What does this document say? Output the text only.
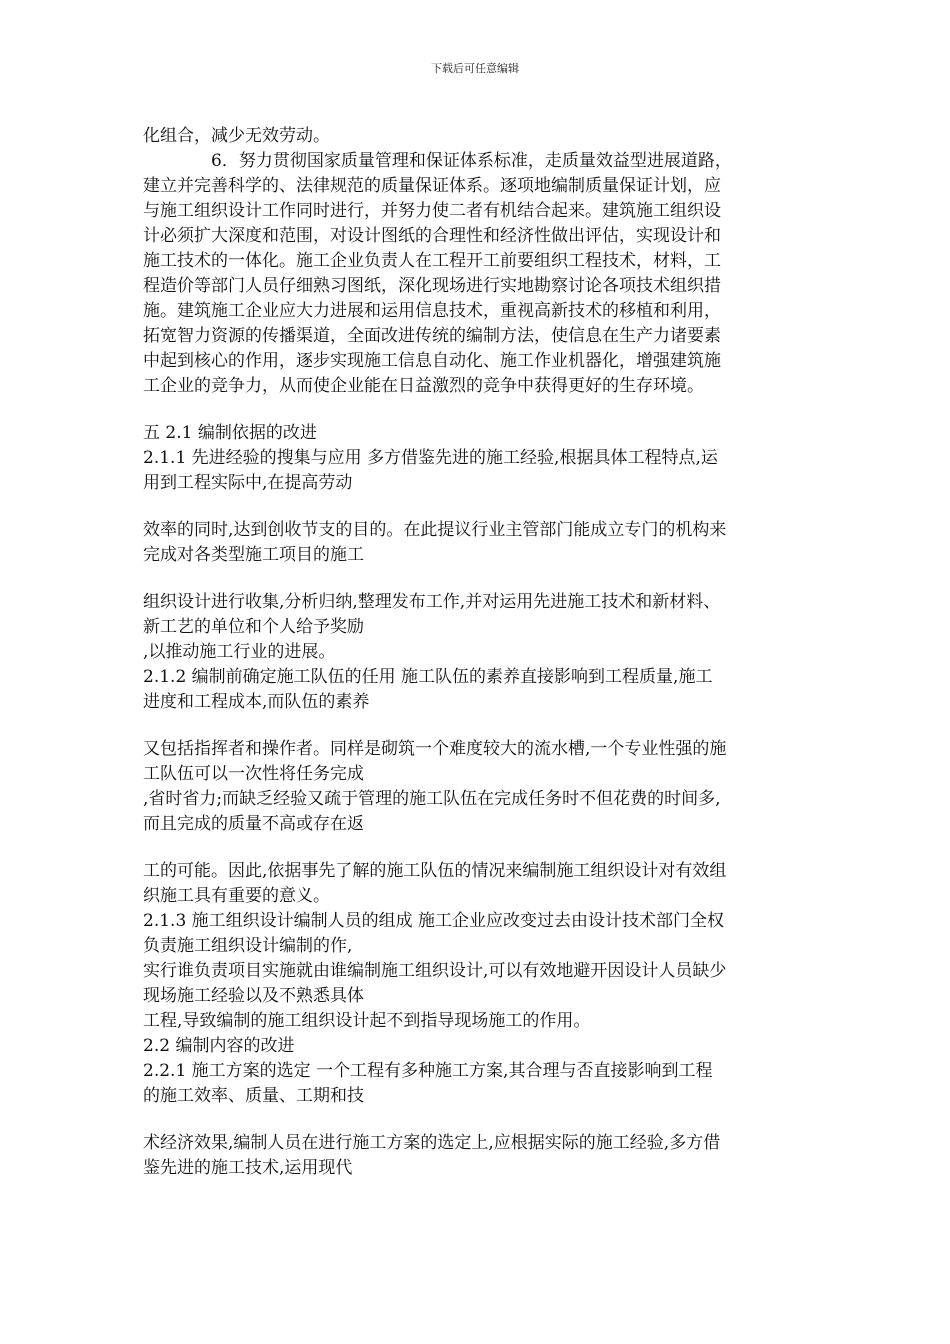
下载后可任意编辑
化组合，减少无效劳动。
6．努力贯彻国家质量管理和保证体系标准，走质量效益型进展道路，
建立并完善科学的、法律规范的质量保证体系。逐项地编制质量保证计划，应
与施工组织设计工作同时进行，并努力使二者有机结合起来。建筑施工组织设
计必须扩大深度和范围，对设计图纸的合理性和经济性做出评估，实现设计和
施工技术的一体化。施工企业负责人在工程开工前要组织工程技术，材料，工
程造价等部门人员仔细熟习图纸，深化现场进行实地勘察讨论各项技术组织措
施。建筑施工企业应大力进展和运用信息技术，重视高新技术的移植和利用，
拓宽智力资源的传播渠道，全面改进传统的编制方法，使信息在生产力诸要素
中起到核心的作用，逐步实现施工信息自动化、施工作业机器化，增强建筑施
工企业的竞争力，从而使企业能在日益激烈的竞争中获得更好的生存环境。
五 2.1 编制依据的改进
2.1.1 先进经验的搜集与应用 多方借鉴先进的施工经验,根据具体工程特点,运
用到工程实际中,在提高劳动
效率的同时,达到创收节支的目的。在此提议行业主管部门能成立专门的机构来
完成对各类型施工项目的施工
组织设计进行收集,分析归纳,整理发布工作,并对运用先进施工技术和新材料、
新工艺的单位和个人给予奖励
,以推动施工行业的进展。
2.1.2 编制前确定施工队伍的任用 施工队伍的素养直接影响到工程质量,施工
进度和工程成本,而队伍的素养
又包括指挥者和操作者。同样是砌筑一个难度较大的流水槽,一个专业性强的施
工队伍可以一次性将任务完成
,省时省力;而缺乏经验又疏于管理的施工队伍在完成任务时不但花费的时间多,
而且完成的质量不高或存在返
工的可能。因此,依据事先了解的施工队伍的情况来编制施工组织设计对有效组
织施工具有重要的意义。
2.1.3 施工组织设计编制人员的组成 施工企业应改变过去由设计技术部门全权
负责施工组织设计编制的作,
实行谁负责项目实施就由谁编制施工组织设计,可以有效地避开因设计人员缺少
现场施工经验以及不熟悉具体
工程,导致编制的施工组织设计起不到指导现场施工的作用。
2.2 编制内容的改进
2.2.1 施工方案的选定 一个工程有多种施工方案,其合理与否直接影响到工程
的施工效率、质量、工期和技
术经济效果,编制人员在进行施工方案的选定上,应根据实际的施工经验,多方借
鉴先进的施工技术,运用现代
